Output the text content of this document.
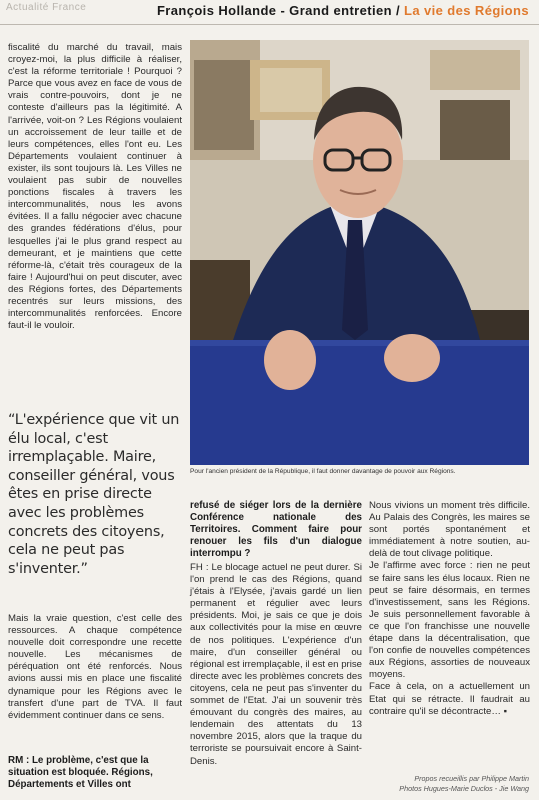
Actualité France	François Hollande - Grand entretien / La vie des Régions

fiscalité du marché du travail, mais croyez-moi, la plus difficile à réaliser, c'est la réforme territoriale ! Pourquoi ? Parce que vous avez en face de vous de vrais contre-pouvoirs, dont je ne conteste d'ailleurs pas la légitimité. A l'arrivée, voit-on ? Les Régions voulaient un accroissement de leur taille et de leurs compétences, elles l'ont eu. Les Départements voulaient continuer à exister, ils sont toujours là. Les Villes ne voulaient pas subir de nouvelles ponctions fiscales à travers les intercommunalités, nous les avons évitées. Il a fallu négocier avec chacune des grandes fédérations d'élus, pour lesquelles j'ai le plus grand respect au demeurant, et je maintiens que cette réforme-là, c'était très courageux de la faire ! Aujourd'hui on peut discuter, avec des Régions fortes, des Départements recentrés sur leurs missions, des intercommunalités renforcées. Encore faut-il le vouloir.

Pour l'ancien président de la République, il faut donner davantage de pouvoir aux Régions.
“L'expérience que vit un élu local, c'est irremplaçable. Maire, conseiller général, vous êtes en prise directe avec les problèmes concrets des citoyens, cela ne peut pas s'inventer.”

Mais la vraie question, c'est celle des ressources. A chaque compétence nouvelle doit correspondre une recette nouvelle. Les mécanismes de péréquation ont été renforcés. Nous avions aussi mis en place une fiscalité dynamique pour les Régions avec le transfert d'une part de TVA. Il faut évidemment continuer dans ce sens.

RM : Le problème, c'est que la situation est bloquée. Régions, Départements et Villes ont

refusé de siéger lors de la dernière Conférence nationale des Territoires. Comment faire pour renouer les fils d'un dialogue interrompu ?

FH : Le blocage actuel ne peut durer. Si l'on prend le cas des Régions, quand j'étais à l'Elysée, j'avais gardé un lien permanent et régulier avec leurs présidents. Moi, je sais ce que je dois aux collectivités pour la mise en œuvre de nos politiques. L'expérience d'un maire, d'un conseiller général ou régional est irremplaçable, il est en prise directe avec les problèmes concrets des citoyens, cela ne peut pas s'inventer du sommet de l'Etat. J'ai un souvenir très émouvant du congrès des maires, au lendemain des attentats du 13 novembre 2015, alors que la traque du terroriste se poursuivait encore à Saint-Denis.

Nous vivions un moment très difficile. Au Palais des Congrès, les maires se sont portés spontanément et immédiatement à notre soutien, au-delà de tout clivage politique.

Je l'affirme avec force : rien ne peut se faire sans les élus locaux. Rien ne peut se faire désormais, en termes d'investissement, sans les Régions. Je suis personnellement favorable à ce que l'on franchisse une nouvelle étape dans la décentralisation, que l'on confie de nouvelles compétences aux Régions, assorties de nouveaux moyens.

Face à cela, on a actuellement un Etat qui se rétracte. Il faudrait au contraire qu'il se décontracte… ▪

Propos recueillis par Philippe Martin
Photos Hugues-Marie Duclos - Jie Wang
